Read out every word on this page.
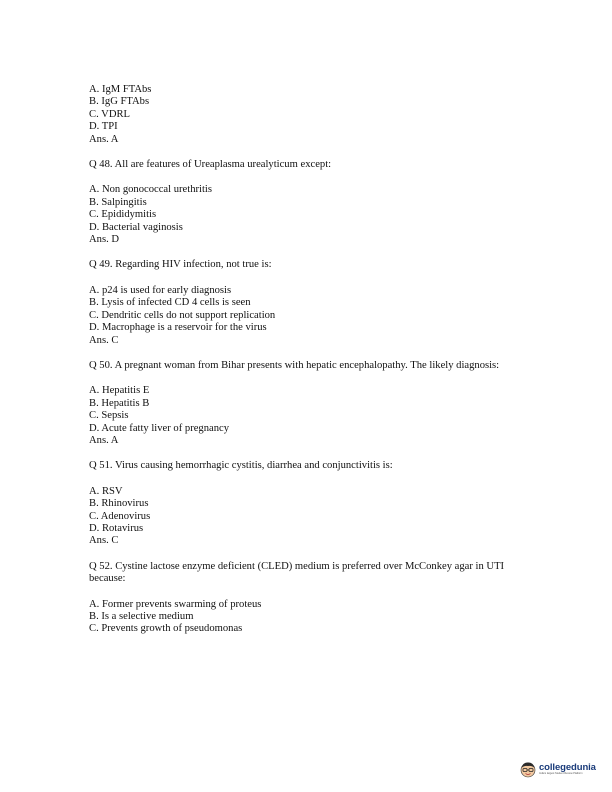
A. IgM FTAbs
B. IgG FTAbs
C. VDRL
D. TPI
Ans. A
Q 48. All are features of Ureaplasma urealyticum except:
A. Non gonococcal urethritis
B. Salpingitis
C. Epididymitis
D. Bacterial vaginosis
Ans. D
Q 49. Regarding HIV infection, not true is:
A. p24 is used for early diagnosis
B. Lysis of infected CD 4 cells is seen
C. Dendritic cells do not support replication
D. Macrophage is a reservoir for the virus
Ans. C
Q 50. A pregnant woman from Bihar presents with hepatic encephalopathy. The likely diagnosis:
A. Hepatitis E
B. Hepatitis B
C. Sepsis
D. Acute fatty liver of pregnancy
Ans. A
Q 51. Virus causing hemorrhagic cystitis, diarrhea and conjunctivitis is:
A. RSV
B. Rhinovirus
C. Adenovirus
D. Rotavirus
Ans. C
Q 52. Cystine lactose enzyme deficient (CLED) medium is preferred over McConkey agar in UTI because:
A. Former prevents swarming of proteus
B. Is a selective medium
C. Prevents growth of pseudomonas
collegedunia
India's largest Student Review Platform
